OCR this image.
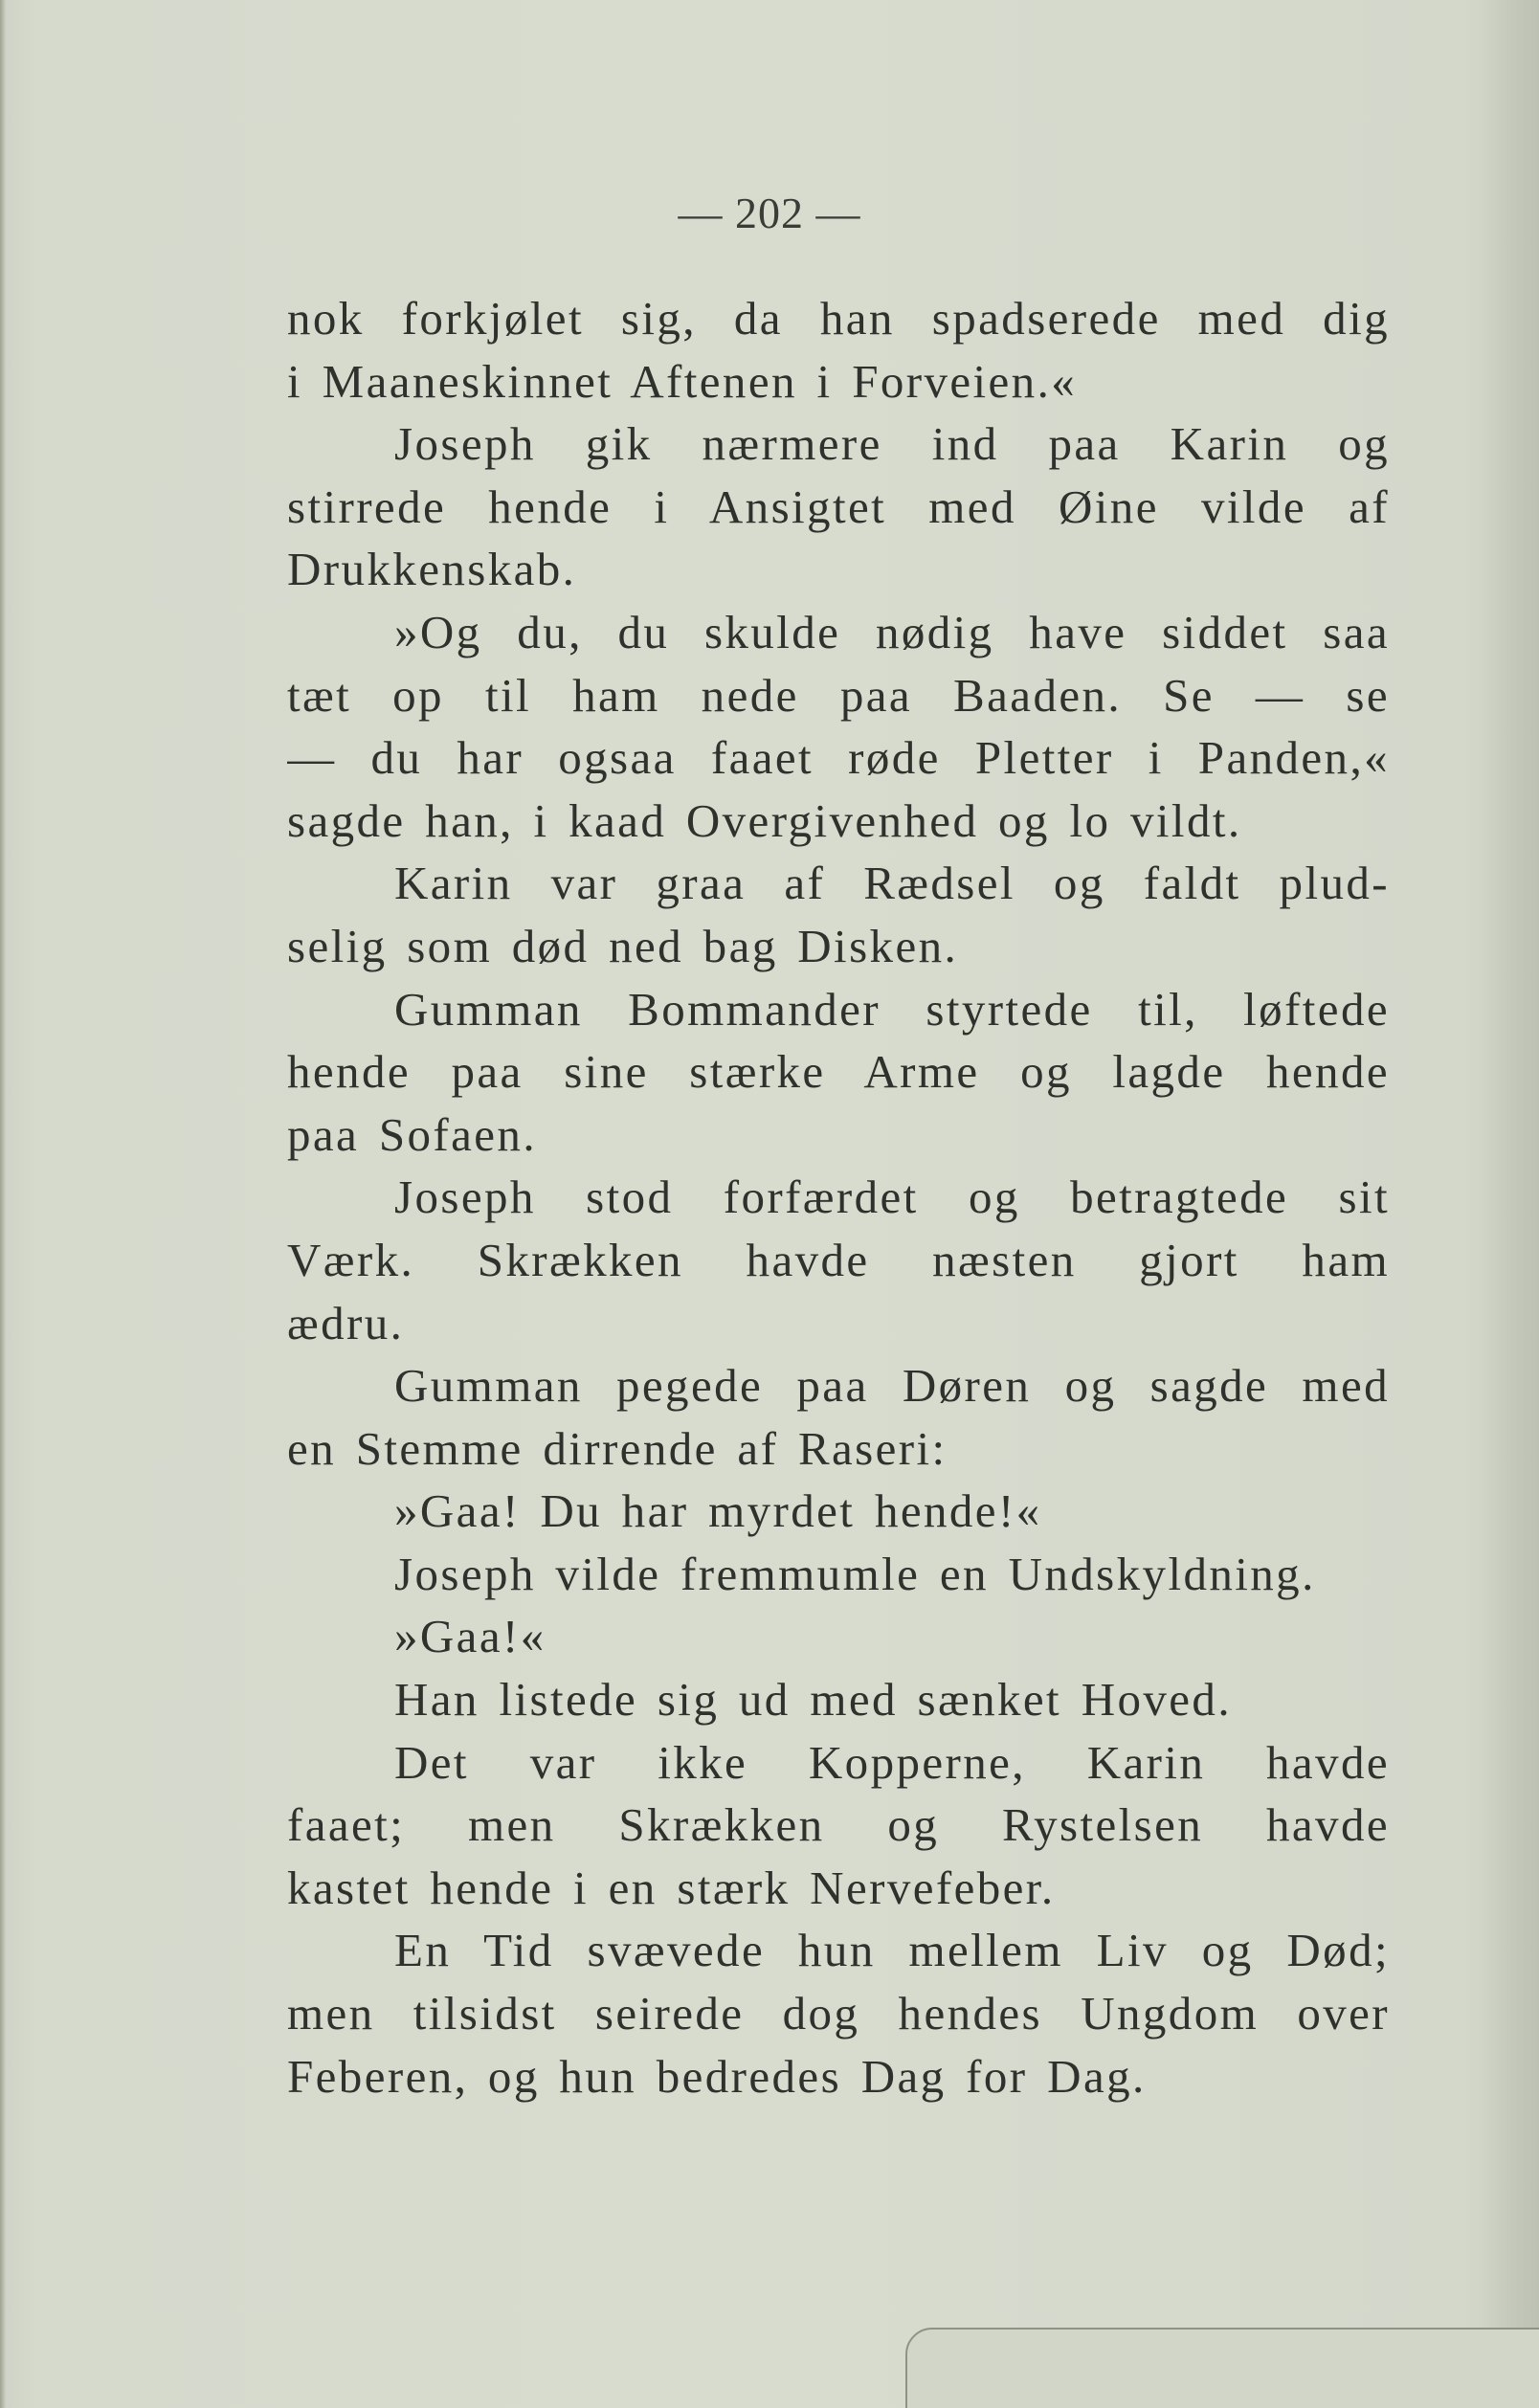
— 202 —
nok forkjølet sig, da han spadserede med dig
i Maaneskinnet Aftenen i Forveien.«
Joseph gik nærmere ind paa Karin og
stirrede hende i Ansigtet med Øine vilde af
Drukkenskab.
»Og du, du skulde nødig have siddet saa
tæt op til ham nede paa Baaden. Se — se
— du har ogsaa faaet røde Pletter i Panden,«
sagde han, i kaad Overgivenhed og lo vildt.
Karin var graa af Rædsel og faldt plud-
selig som død ned bag Disken.
Gumman Bommander styrtede til, løftede
hende paa sine stærke Arme og lagde hende
paa Sofaen.
Joseph stod forfærdet og betragtede sit
Værk. Skrækken havde næsten gjort ham
ædru.
Gumman pegede paa Døren og sagde med
en Stemme dirrende af Raseri:
»Gaa! Du har myrdet hende!«
Joseph vilde fremmumle en Undskyldning.
»Gaa!«
Han listede sig ud med sænket Hoved.
Det var ikke Kopperne, Karin havde
faaet; men Skrækken og Rystelsen havde
kastet hende i en stærk Nervefeber.
En Tid svævede hun mellem Liv og Død;
men tilsidst seirede dog hendes Ungdom over
Feberen, og hun bedredes Dag for Dag.
